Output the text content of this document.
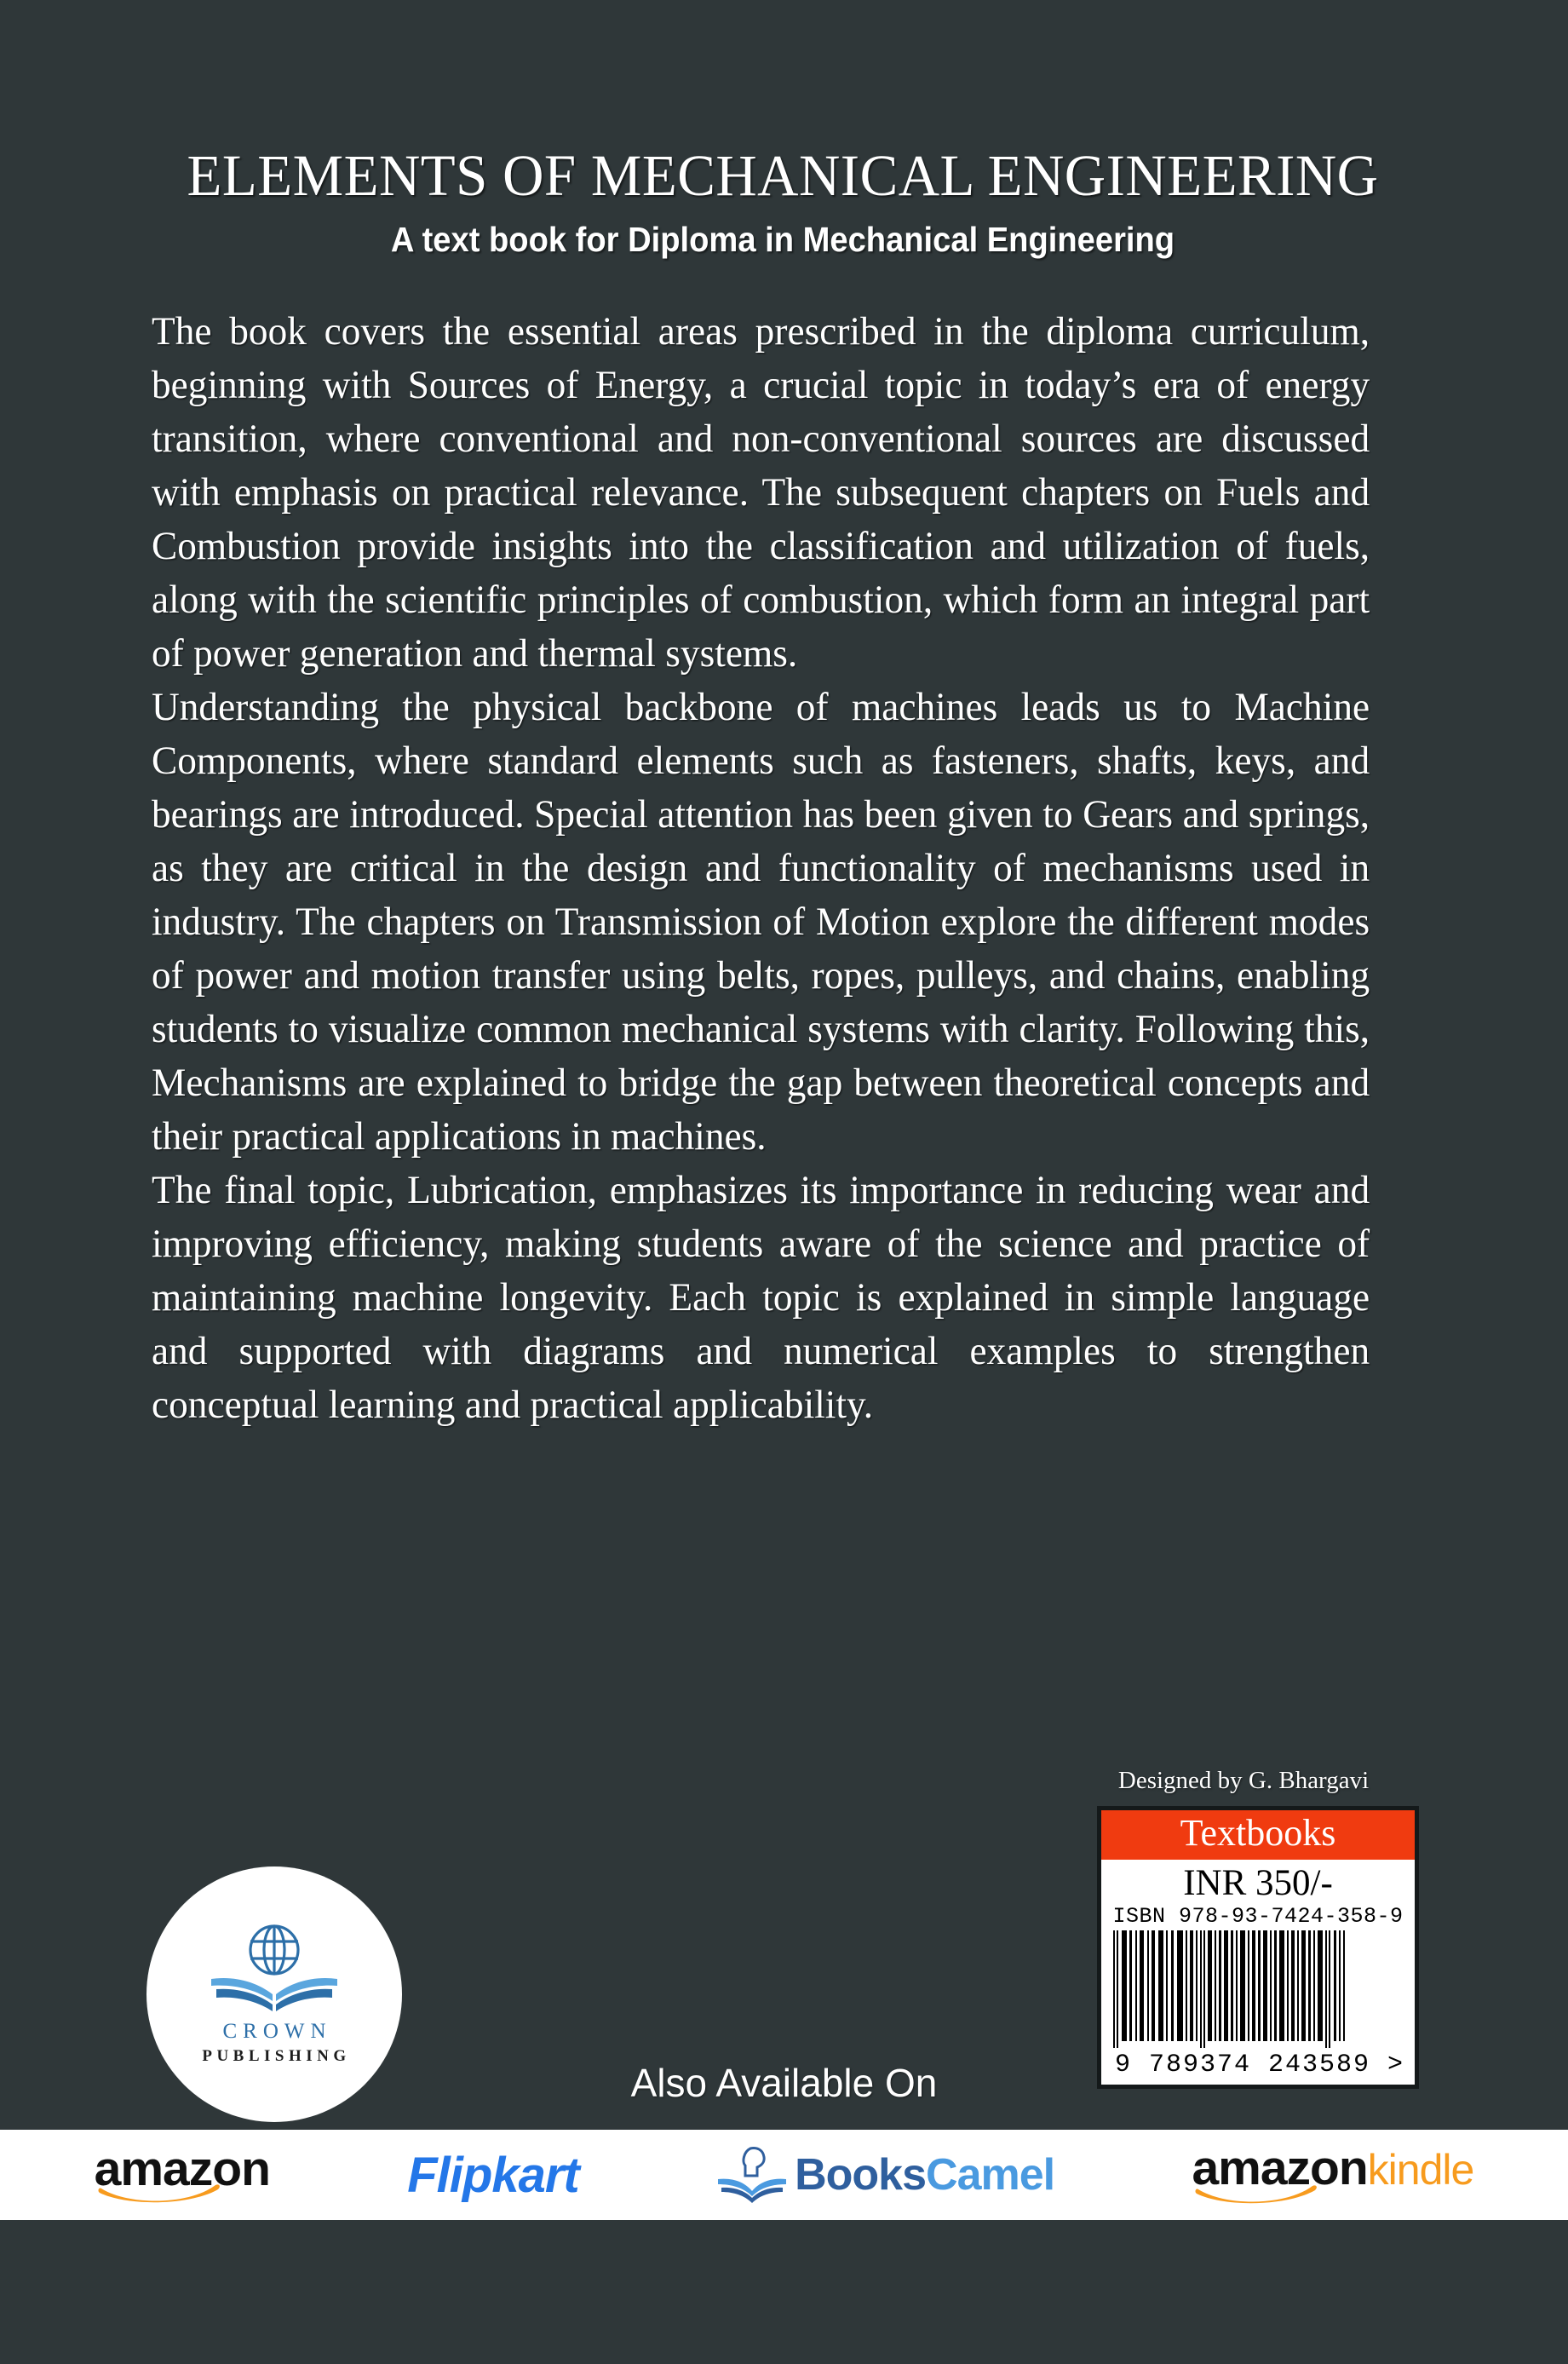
ELEMENTS OF MECHANICAL ENGINEERING
A text book for Diploma in Mechanical Engineering

The book covers the essential areas prescribed in the diploma curriculum, beginning with Sources of Energy, a crucial topic in today’s era of energy transition, where conventional and non-conventional sources are discussed with emphasis on practical relevance. The subsequent chapters on Fuels and Combustion provide insights into the classification and utilization of fuels, along with the scientific principles of combustion, which form an integral part of power generation and thermal systems.

Understanding the physical backbone of machines leads us to Machine Components, where standard elements such as fasteners, shafts, keys, and bearings are introduced. Special attention has been given to Gears and springs, as they are critical in the design and functionality of mechanisms used in industry. The chapters on Transmission of Motion explore the different modes of power and motion transfer using belts, ropes, pulleys, and chains, enabling students to visualize common mechanical systems with clarity. Following this, Mechanisms are explained to bridge the gap between theoretical concepts and their practical applications in machines.

The final topic, Lubrication, emphasizes its importance in reducing wear and improving efficiency, making students aware of the science and practice of maintaining machine longevity. Each topic is explained in simple language and supported with diagrams and numerical examples to strengthen conceptual learning and practical applicability.

Designed by G. Bhargavi
Textbooks
INR 350/-
ISBN 978-93-7424-358-9
9 789374 243589 >
CROWN
PUBLISHING
Also Available On
amazon	Flipkart	BooksCamel	amazon kindle
